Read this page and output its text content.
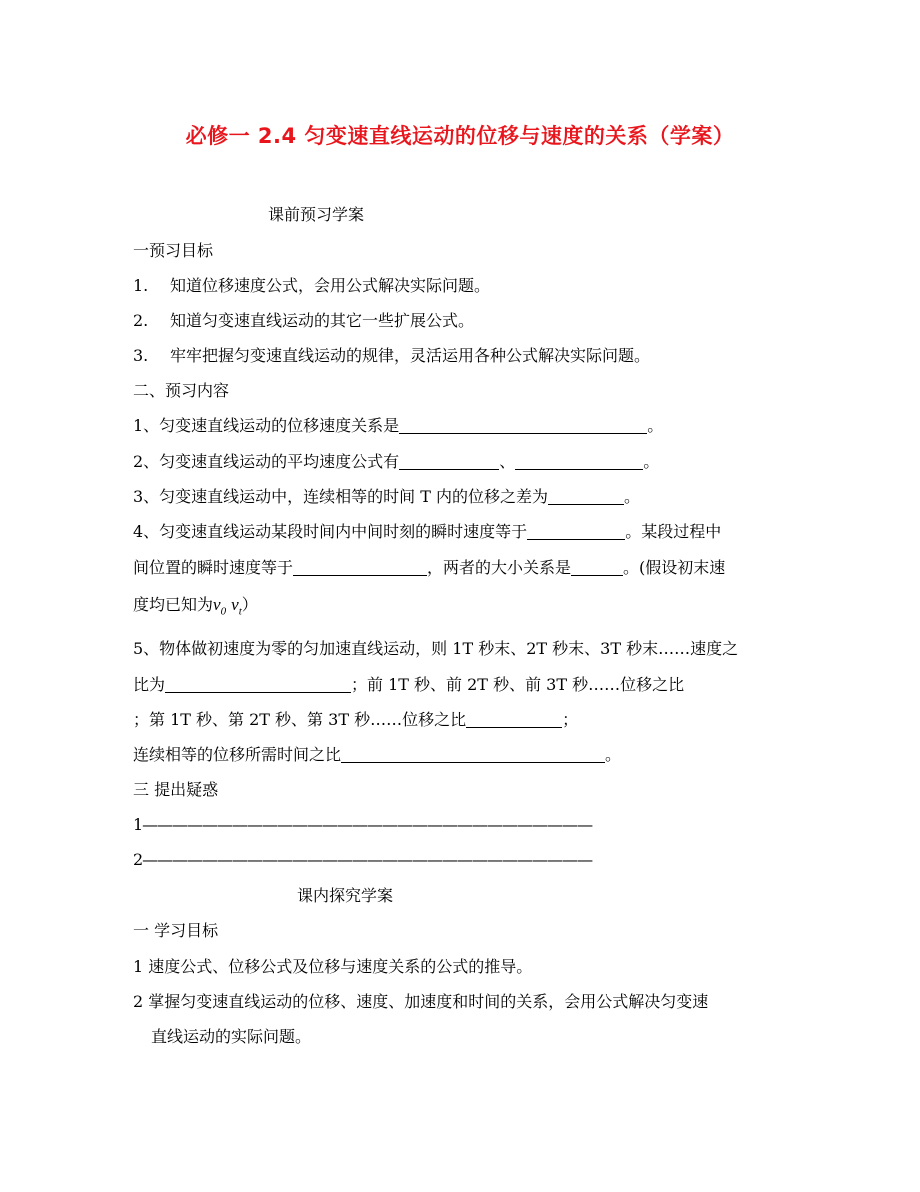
必修一 2.4 匀变速直线运动的位移与速度的关系（学案）
课前预习学案
一预习目标
1. 知道位移速度公式，会用公式解决实际问题。
2. 知道匀变速直线运动的其它一些扩展公式。
3. 牢牢把握匀变速直线运动的规律，灵活运用各种公式解决实际问题。
二、预习内容
1、匀变速直线运动的位移速度关系是	。
2、匀变速直线运动的平均速度公式有	、	。
3、匀变速直线运动中，连续相等的时间 T 内的位移之差为	。
4、匀变速直线运动某段时间内中间时刻的瞬时速度等于	。某段过程中
间位置的瞬时速度等于	，两者的大小关系是	。(假设初末速
度均已知为$v_0$ $v_t$）
5、物体做初速度为零的匀加速直线运动，则 1T 秒末、2T 秒末、3T 秒末……速度之
比为	；前 1T 秒、前 2T 秒、前 3T 秒……位移之比
；第 1T 秒、第 2T 秒、第 3T 秒……位移之比	；
连续相等的位移所需时间之比	。
三 提出疑惑
1——————————————————————————————
2——————————————————————————————
课内探究学案
一 学习目标
1 速度公式、位移公式及位移与速度关系的公式的推导。
2 掌握匀变速直线运动的位移、速度、加速度和时间的关系，会用公式解决匀变速
直线运动的实际问题。
